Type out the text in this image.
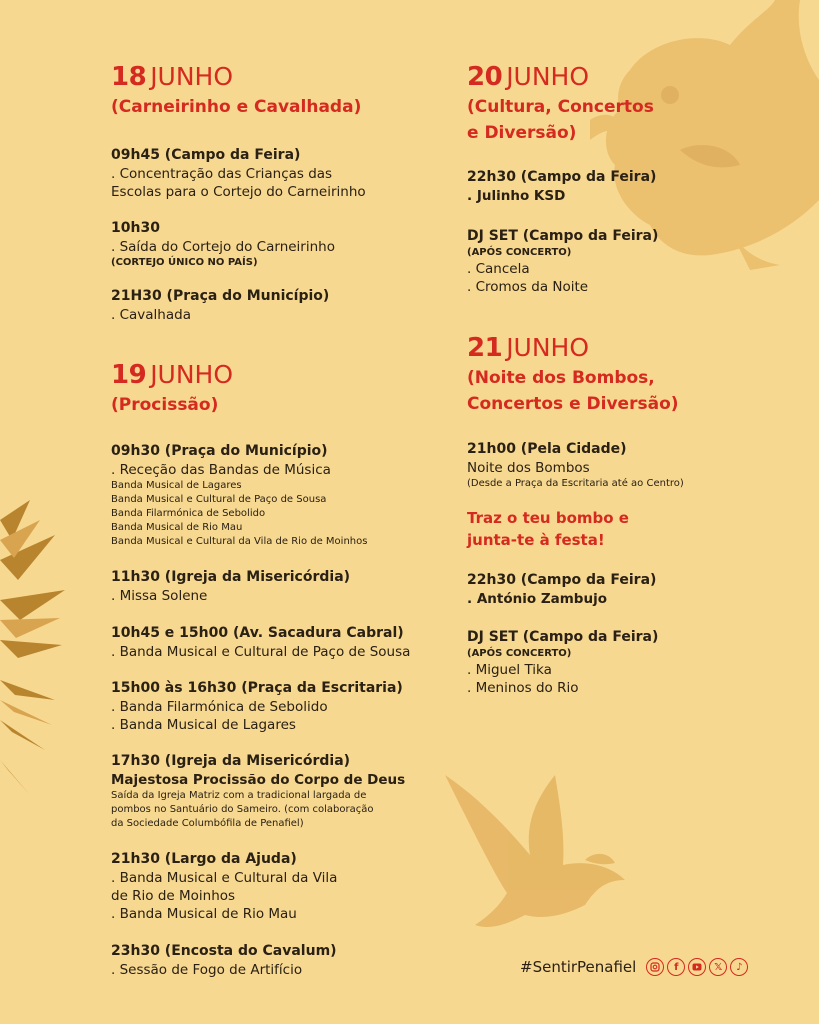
18 JUNHO
(Carneirinho e Cavalhada)
09h45 (Campo da Feira)
. Concentração das Crianças das
Escolas para o Cortejo do Carneirinho
10h30
. Saída do Cortejo do Carneirinho
(CORTEJO ÚNICO NO PAÍS)
21H30 (Praça do Município)
. Cavalhada
19 JUNHO
(Procissão)
09h30 (Praça do Município)
. Receção das Bandas de Música
Banda Musical de Lagares
Banda Musical e Cultural de Paço de Sousa
Banda Filarmónica de Sebolido
Banda Musical de Rio Mau
Banda Musical e Cultural da Vila de Rio de Moinhos
11h30 (Igreja da Misericórdia)
. Missa Solene
10h45 e 15h00 (Av. Sacadura Cabral)
. Banda Musical e Cultural de Paço de Sousa
15h00 às 16h30 (Praça da Escritaria)
. Banda Filarmónica de Sebolido
. Banda Musical de Lagares
17h30 (Igreja da Misericórdia)
Majestosa Procissão do Corpo de Deus
Saída da Igreja Matriz com a tradicional largada de
pombos no Santuário do Sameiro. (com colaboração
da Sociedade Columbófila de Penafiel)
21h30 (Largo da Ajuda)
. Banda Musical e Cultural da Vila
de Rio de Moinhos
. Banda Musical de Rio Mau
23h30 (Encosta do Cavalum)
. Sessão de Fogo de Artifício
20 JUNHO
(Cultura, Concertos
e Diversão)
22h30 (Campo da Feira)
. Julinho KSD
DJ SET (Campo da Feira)
(APÓS CONCERTO)
. Cancela
. Cromos da Noite
21 JUNHO
(Noite dos Bombos,
Concertos e Diversão)
21h00 (Pela Cidade)
Noite dos Bombos
(Desde a Praça da Escritaria até ao Centro)
Traz o teu bombo e
junta-te à festa!
22h30 (Campo da Feira)
. António Zambujo
DJ SET (Campo da Feira)
(APÓS CONCERTO)
. Miguel Tika
. Meninos do Rio
#SentirPenafiel	f	𝕏	♪
